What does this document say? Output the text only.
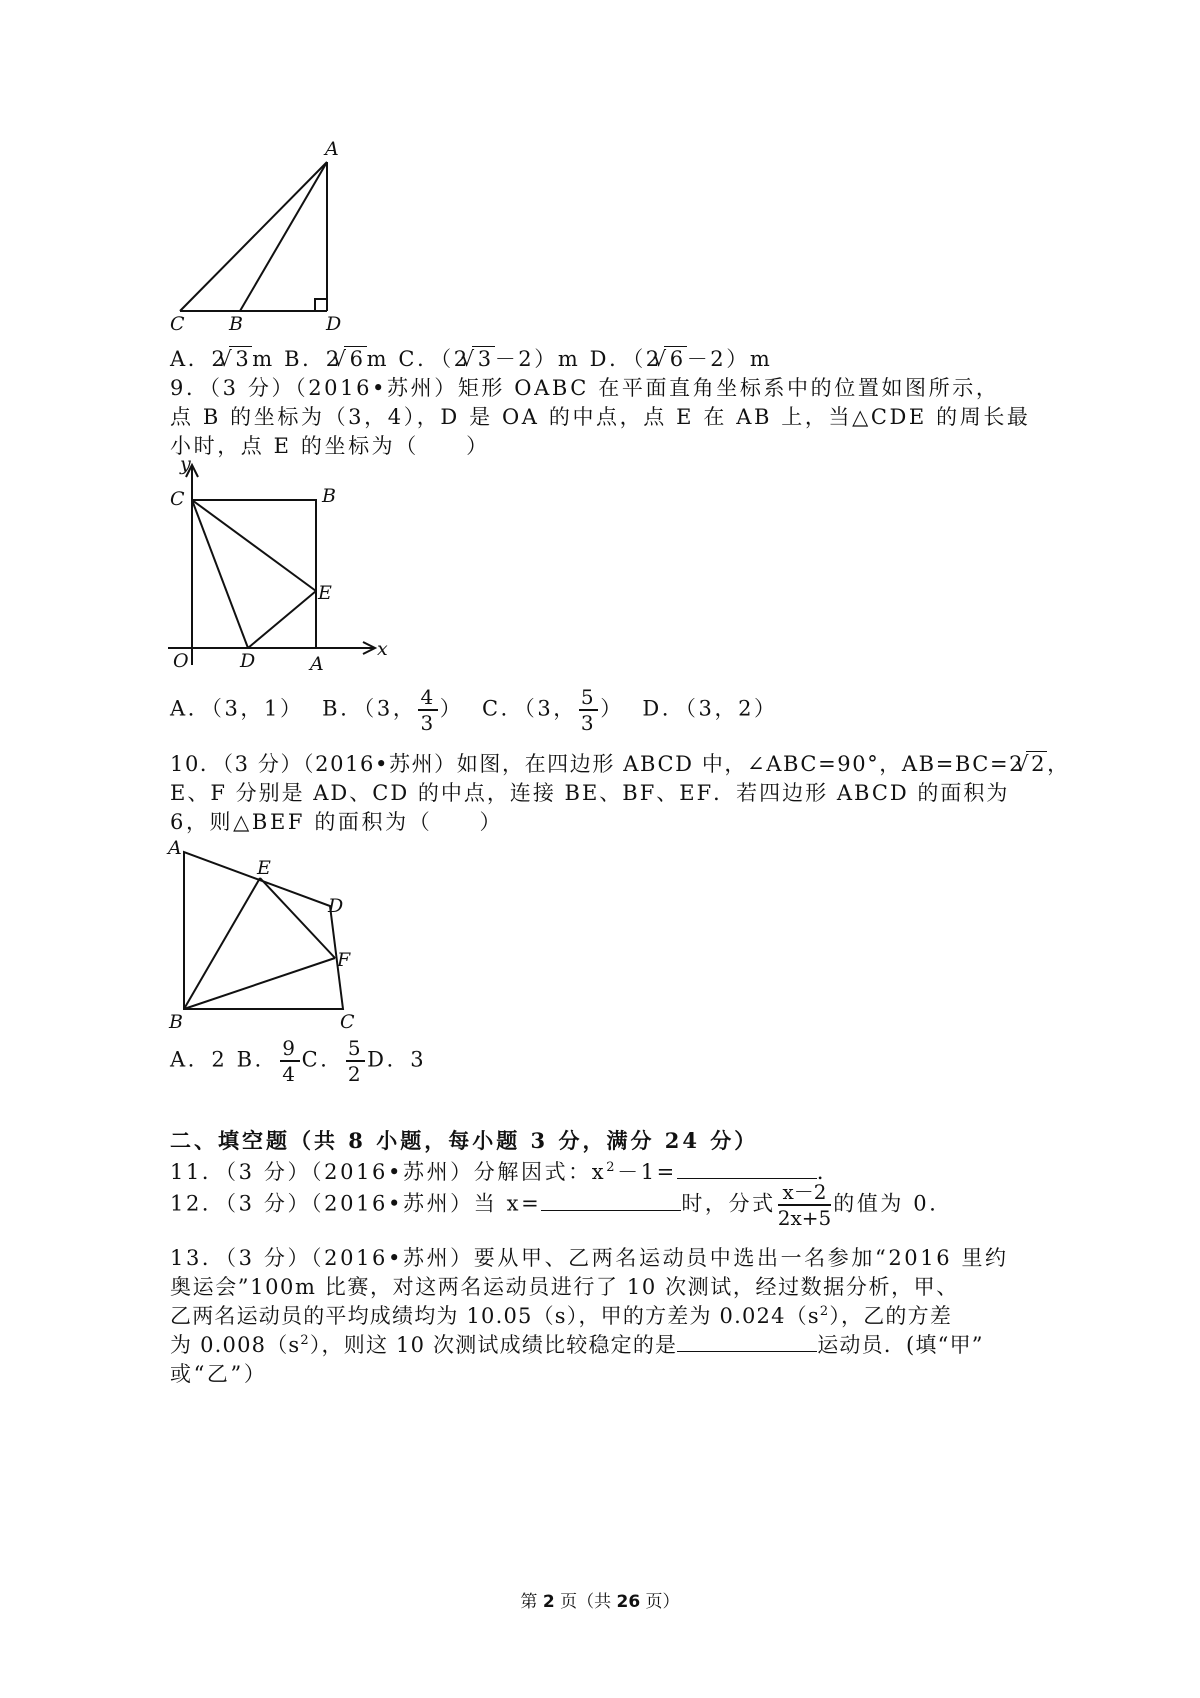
A
C B	D
A．2 √ 3m B．2 √ 6m C．（2 √ 3－2）m D．（2 √ 6－2）m
9．（3 分）（2016•苏州）矩形 OABC 在平面直角坐标系中的位置如图所示，
点 B 的坐标为（3，4），D 是 OA 的中点，点 E 在 AB 上，当△CDE 的周长最
小时，点 E 的坐标为（　　）
y
x
C	B
E
O	D	A
A．（3，1） B．（3， $\frac{4}{3}$ ） C．（3， $\frac{5}{3}$ ） D．（3，2）
10．（3 分）（2016•苏州）如图，在四边形 ABCD 中，∠ABC=90°，AB=BC=2 √ 2，
E、F 分别是 AD、CD 的中点，连接 BE、BF、EF．若四边形 ABCD 的面积为
6，则△BEF 的面积为（　　）
A
E
D
F
B	C
A．2 B． $\frac{9}{4}$ C． $\frac{5}{2}$ D．3
二、填空题（共 8 小题，每小题 3 分，满分 24 分）
11．（3 分）（2016•苏州）分解因式：$x^2-1=$	．
12．（3 分）（2016•苏州）当 x=	时，分式 $\frac{x-2}{2x+5}$ 的值为 0．
13．（3 分）（2016•苏州）要从甲、乙两名运动员中选出一名参加“2016 里约
奥运会”100m 比赛，对这两名运动员进行了 10 次测试，经过数据分析，甲、
乙两名运动员的平均成绩均为 10.05（s），甲的方差为 $0.024(s^2)$，乙的方差
为 $0.008(s^2)$，则这 10 次测试成绩比较稳定的是	运动员．(填“甲”
或“乙”）
第 2 页（共 26 页）
